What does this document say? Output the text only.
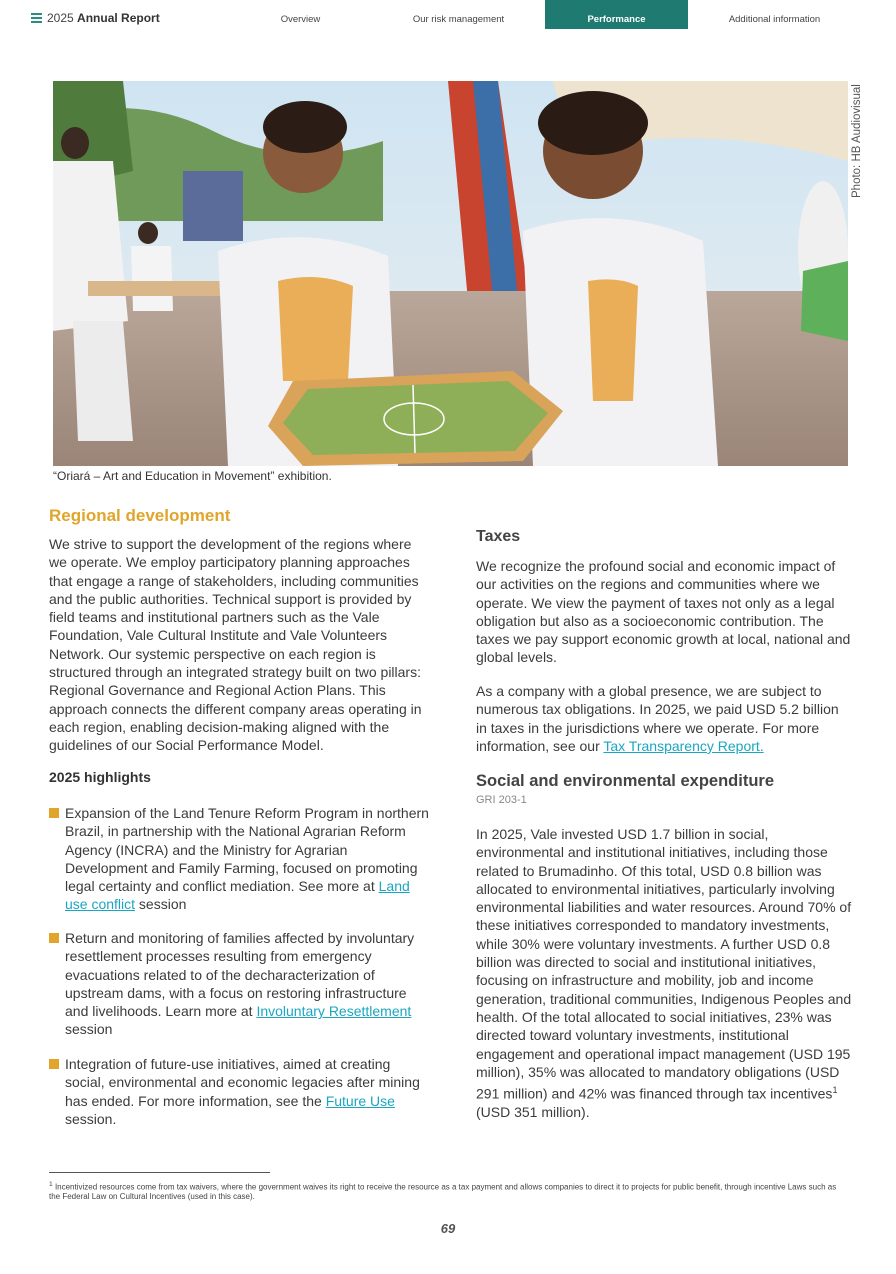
2025 Annual Report	Overview	Our risk management	Performance	Additional information
Photo: HB Audiovisual
“Oriará – Art and Education in Movement” exhibition.
Regional development

We strive to support the development of the regions where we operate. We employ participatory planning approaches that engage a range of stakeholders, including communities and the public authorities. Technical support is provided by field teams and institutional partners such as the Vale Foundation, Vale Cultural Institute and Vale Volunteers Network. Our systemic perspective on each region is structured through an integrated strategy built on two pillars: Regional Governance and Regional Action Plans. This approach connects the different company areas operating in each region, enabling decision-making aligned with the guidelines of our Social Performance Model.

2025 highlights

Expansion of the Land Tenure Reform Program in northern Brazil, in partnership with the National Agrarian Reform Agency (INCRA) and the Ministry for Agrarian Development and Family Farming, focused on promoting legal certainty and conflict mediation. See more at Land use conflict session

Return and monitoring of families affected by involuntary resettlement processes resulting from emergency evacuations related to of the decharacterization of upstream dams, with a focus on restoring infrastructure and livelihoods. Learn more at Involuntary Resettlement session

Integration of future-use initiatives, aimed at creating social, environmental and economic legacies after mining has ended. For more information, see the Future Use session.

Taxes

We recognize the profound social and economic impact of our activities on the regions and communities where we operate. We view the payment of taxes not only as a legal obligation but also as a socioeconomic contribution. The taxes we pay support economic growth at local, national and global levels.

As a company with a global presence, we are subject to numerous tax obligations. In 2025, we paid USD 5.2 billion in taxes in the jurisdictions where we operate. For more information, see our Tax Transparency Report.

Social and environmental expenditure
GRI 203-1

In 2025, Vale invested USD 1.7 billion in social, environmental and institutional initiatives, including those related to Brumadinho. Of this total, USD 0.8 billion was allocated to environmental initiatives, particularly involving environmental liabilities and water resources. Around 70% of these initiatives corresponded to mandatory investments, while 30% were voluntary investments. A further USD 0.8 billion was directed to social and institutional initiatives, focusing on infrastructure and mobility, job and income generation, traditional communities, Indigenous Peoples and health. Of the total allocated to social initiatives, 23% was directed toward voluntary investments, institutional engagement and operational impact management (USD 195 million), 35% was allocated to mandatory obligations (USD 291 million) and 42% was financed through tax incentives$^1$ (USD 351 million).

$^1$ Incentivized resources come from tax waivers, where the government waives its right to receive the resource as a tax payment and allows companies to direct it to projects for public benefit, through incentive Laws such as the Federal Law on Cultural Incentives (used in this case).

69
